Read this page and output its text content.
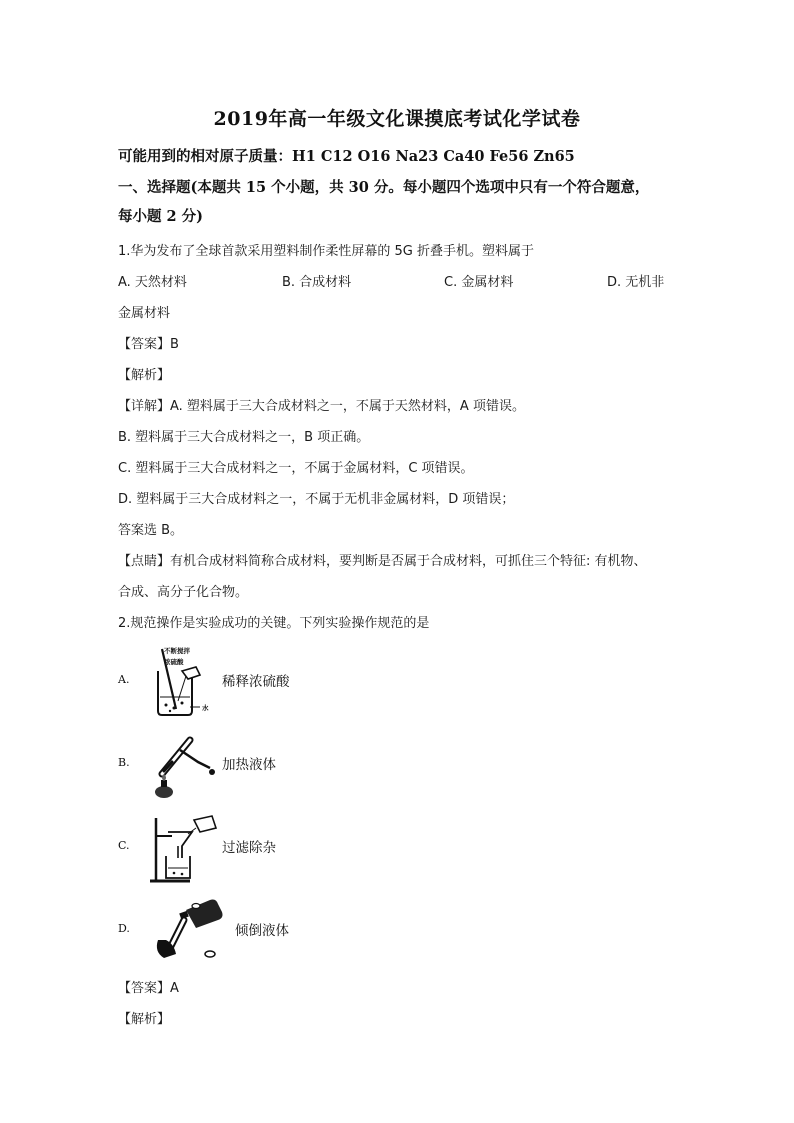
2019年高一年级文化课摸底考试化学试卷
可能用到的相对原子质量：H1 C12 O16 Na23 Ca40 Fe56 Zn65
一、选择题(本题共 15 个小题，共 30 分。每小题四个选项中只有一个符合题意，
每小题 2 分)
1.华为发布了全球首款采用塑料制作柔性屏幕的 5G 折叠手机。塑料属于
A. 天然材料	B. 合成材料	C. 金属材料	D. 无机非
金属材料
【答案】B
【解析】
【详解】A. 塑料属于三大合成材料之一，不属于天然材料，A 项错误。
B. 塑料属于三大合成材料之一，B 项正确。
C. 塑料属于三大合成材料之一，不属于金属材料，C 项错误。
D. 塑料属于三大合成材料之一，不属于无机非金属材料，D 项错误；
答案选 B。
【点睛】有机合成材料简称合成材料，要判断是否属于合成材料，可抓住三个特征: 有机物、
合成、高分子化合物。
2.规范操作是实验成功的关键。下列实验操作规范的是
A.
不断搅拌
浓硫酸
水
稀释浓硫酸
B.	加热液体
C.	过滤除杂
D.	倾倒液体
【答案】A
【解析】
